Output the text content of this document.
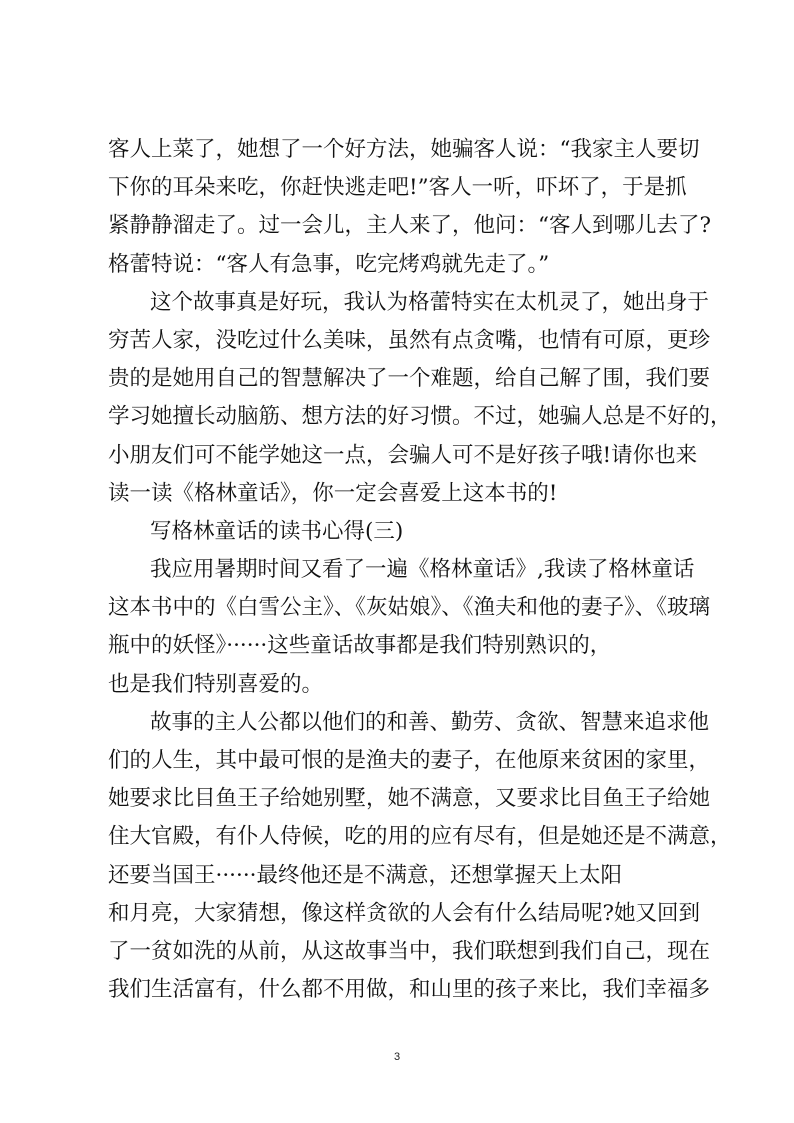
客人上菜了，她想了一个好方法，她骗客人说：“我家主人要切
下你的耳朵来吃，你赶快逃走吧!”客人一听，吓坏了，于是抓
紧静静溜走了。过一会儿，主人来了，他问：“客人到哪儿去了?
格蕾特说：“客人有急事，吃完烤鸡就先走了。”
这个故事真是好玩，我认为格蕾特实在太机灵了，她出身于
穷苦人家，没吃过什么美味，虽然有点贪嘴，也情有可原，更珍
贵的是她用自己的智慧解决了一个难题，给自己解了围，我们要
学习她擅长动脑筋、想方法的好习惯。不过，她骗人总是不好的，
小朋友们可不能学她这一点，会骗人可不是好孩子哦!请你也来
读一读《格林童话》，你一定会喜爱上这本书的!
写格林童话的读书心得(三)
我应用暑期时间又看了一遍《格林童话》,我读了格林童话
这本书中的《白雪公主》、《灰姑娘》、《渔夫和他的妻子》、《玻璃
瓶中的妖怪》······这些童话故事都是我们特别熟识的，
也是我们特别喜爱的。
故事的主人公都以他们的和善、勤劳、贪欲、智慧来追求他
们的人生，其中最可恨的是渔夫的妻子，在他原来贫困的家里，
她要求比目鱼王子给她别墅，她不满意，又要求比目鱼王子给她
住大官殿，有仆人侍候，吃的用的应有尽有，但是她还是不满意，
还要当国王······最终他还是不满意，还想掌握天上太阳
和月亮，大家猜想，像这样贪欲的人会有什么结局呢?她又回到
了一贫如洗的从前，从这故事当中，我们联想到我们自己，现在
我们生活富有，什么都不用做，和山里的孩子来比，我们幸福多
3
